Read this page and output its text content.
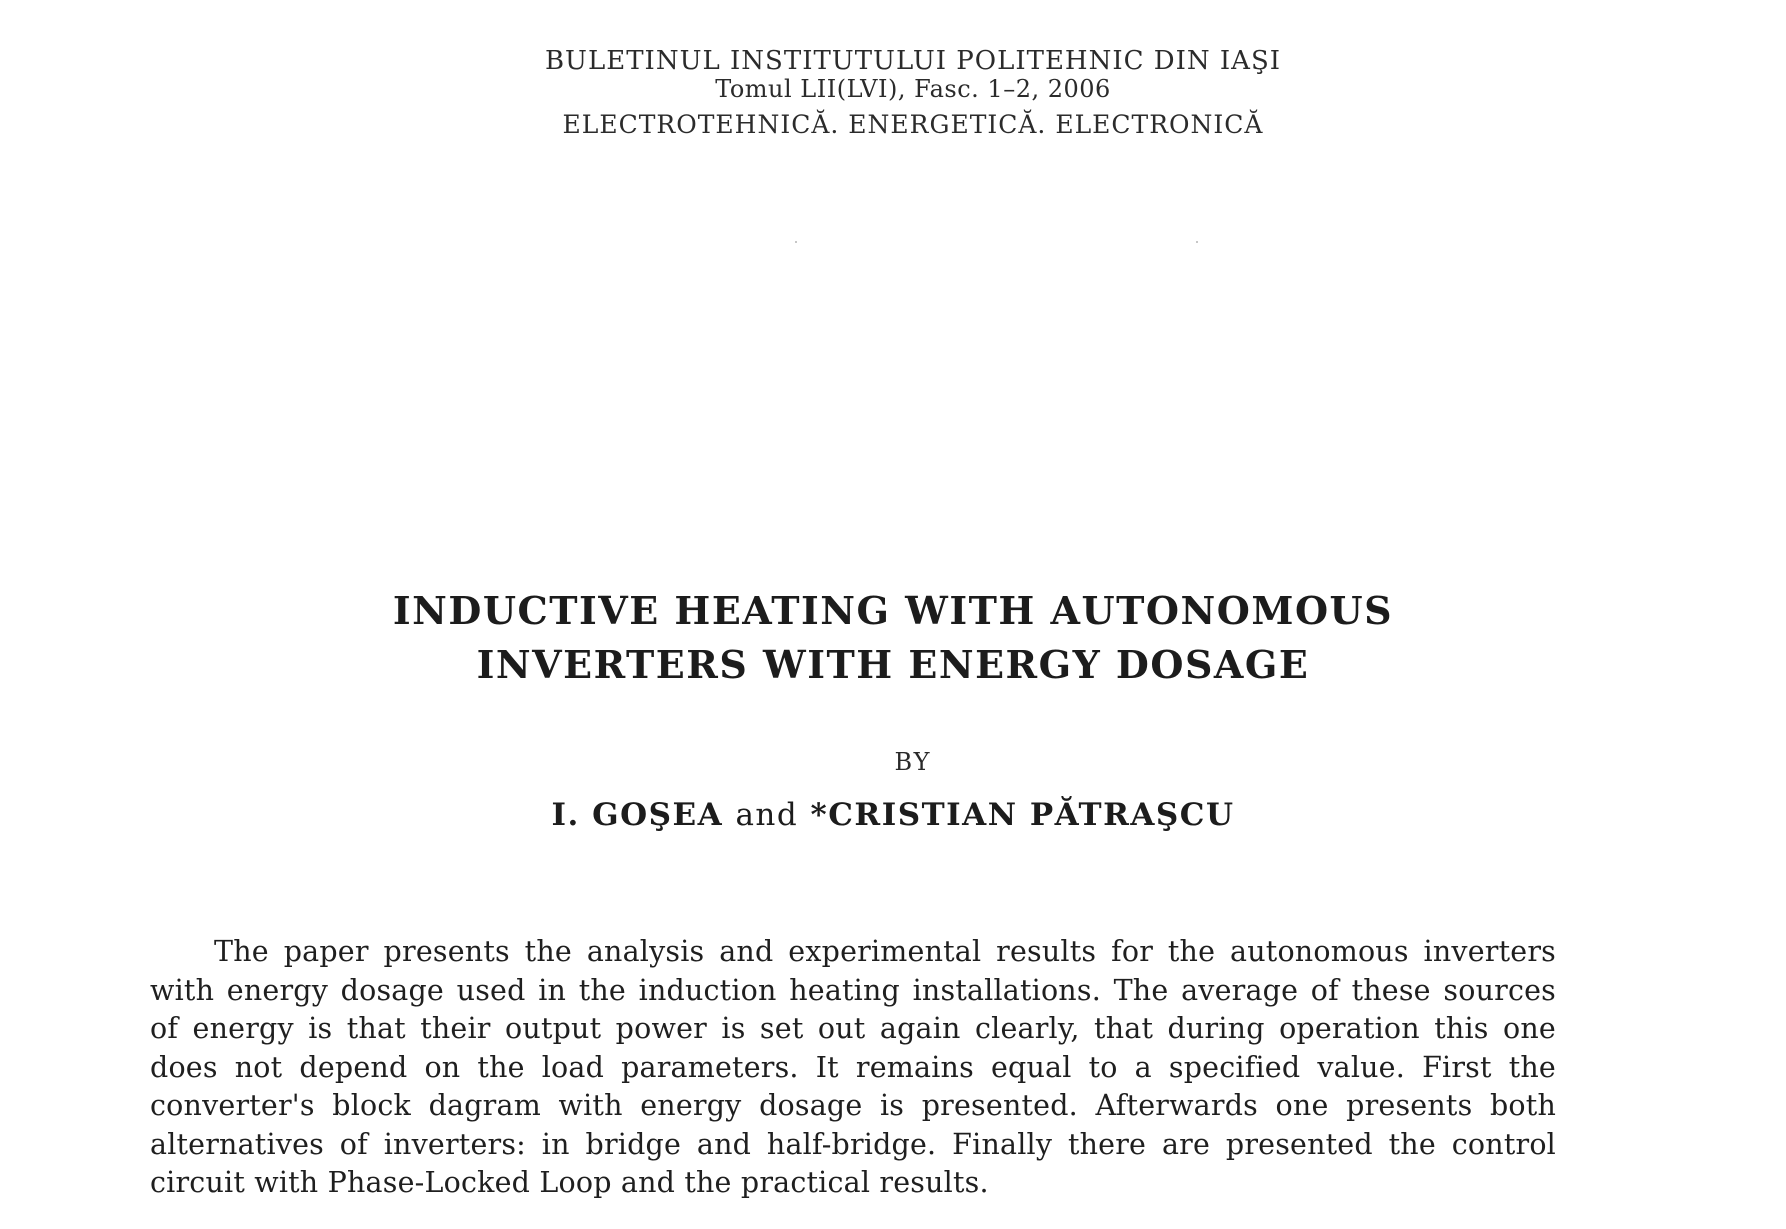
BULETINUL INSTITUTULUI POLITEHNIC DIN IAŞI
Tomul LII(LVI), Fasc. 1–2, 2006
ELECTROTEHNICĂ. ENERGETICĂ. ELECTRONICĂ
INDUCTIVE HEATING WITH AUTONOMOUS
INVERTERS WITH ENERGY DOSAGE
BY
I. GOŞEA and *CRISTIAN PĂTRAŞCU
The paper presents the analysis and experimental results for the autonomous inverters
with energy dosage used in the induction heating installations. The average of these sources
of energy is that their output power is set out again clearly, that during operation this one
does not depend on the load parameters. It remains equal to a specified value. First the
converter's block dagram with energy dosage is presented. Afterwards one presents both
alternatives of inverters: in bridge and half-bridge. Finally there are presented the control
circuit with Phase-Locked Loop and the practical results.
